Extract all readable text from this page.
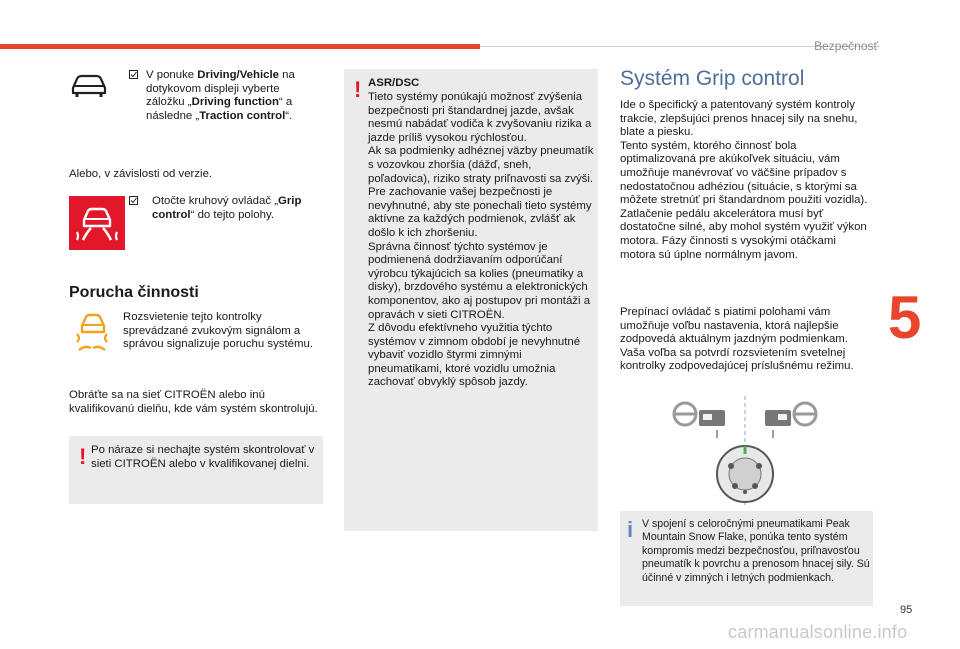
Bezpečnosť
5
95
carmanualsonline.info
V ponuke Driving/Vehicle na dotykovom displeji vyberte záložku „Driving function“ a následne „Traction control“.
Alebo, v závislosti od verzie.
Otočte kruhový ovládač „Grip control“ do tejto polohy.
Porucha činnosti
Rozsvietenie tejto kontrolky sprevádzané zvukovým signálom a správou signalizuje poruchu systému.
Obráťte sa na sieť CITROËN alebo inú kvalifikovanú dielňu, kde vám systém skontrolujú.
! Po náraze si nechajte systém skontrolovať v sieti CITROËN alebo v kvalifikovanej dielni.
! ASR/DSC
Tieto systémy ponúkajú možnosť zvýšenia bezpečnosti pri štandardnej jazde, avšak nesmú nabádať vodiča k zvyšovaniu rizika a jazde príliš vysokou rýchlosťou.
Ak sa podmienky adhéznej väzby pneumatík s vozovkou zhoršia (dážď, sneh, poľadovica), riziko straty priľnavosti sa zvýši. Pre zachovanie vašej bezpečnosti je nevyhnutné, aby ste ponechali tieto systémy aktívne za každých podmienok, zvlášť ak došlo k ich zhoršeniu.
Správna činnosť týchto systémov je podmienená dodržiavaním odporúčaní výrobcu týkajúcich sa kolies (pneumatiky a disky), brzdového systému a elektronických komponentov, ako aj postupov pri montáži a opravách v sieti CITROËN.
Z dôvodu efektívneho využitia týchto systémov v zimnom období je nevyhnutné vybaviť vozidlo štyrmi zimnými pneumatikami, ktoré vozidlu umožnia zachovať obvyklý spôsob jazdy.
Systém Grip control
Ide o špecifický a patentovaný systém kontroly trakcie, zlepšujúci prenos hnacej sily na snehu, blate a piesku.
Tento systém, ktorého činnosť bola optimalizovaná pre akúkoľvek situáciu, vám umožňuje manévrovať vo väčšine prípadov s nedostatočnou adhéziou (situácie, s ktorými sa môžete stretnúť pri štandardnom použití vozidla).
Zatlačenie pedálu akcelerátora musí byť dostatočne silné, aby mohol systém využiť výkon motora. Fázy činnosti s vysokými otáčkami motora sú úplne normálnym javom.
Prepínací ovládač s piatimi polohami vám umožňuje voľbu nastavenia, ktorá najlepšie zodpovedá aktuálnym jazdným podmienkam.
Vaša voľba sa potvrdí rozsvietením svetelnej kontrolky zodpovedajúcej príslušnému režimu.
i V spojení s celoročnými pneumatikami Peak Mountain Snow Flake, ponúka tento systém kompromis medzi bezpečnosťou, priľnavosťou pneumatík k povrchu a prenosom hnacej sily. Sú účinné v zimných i letných podmienkach.
